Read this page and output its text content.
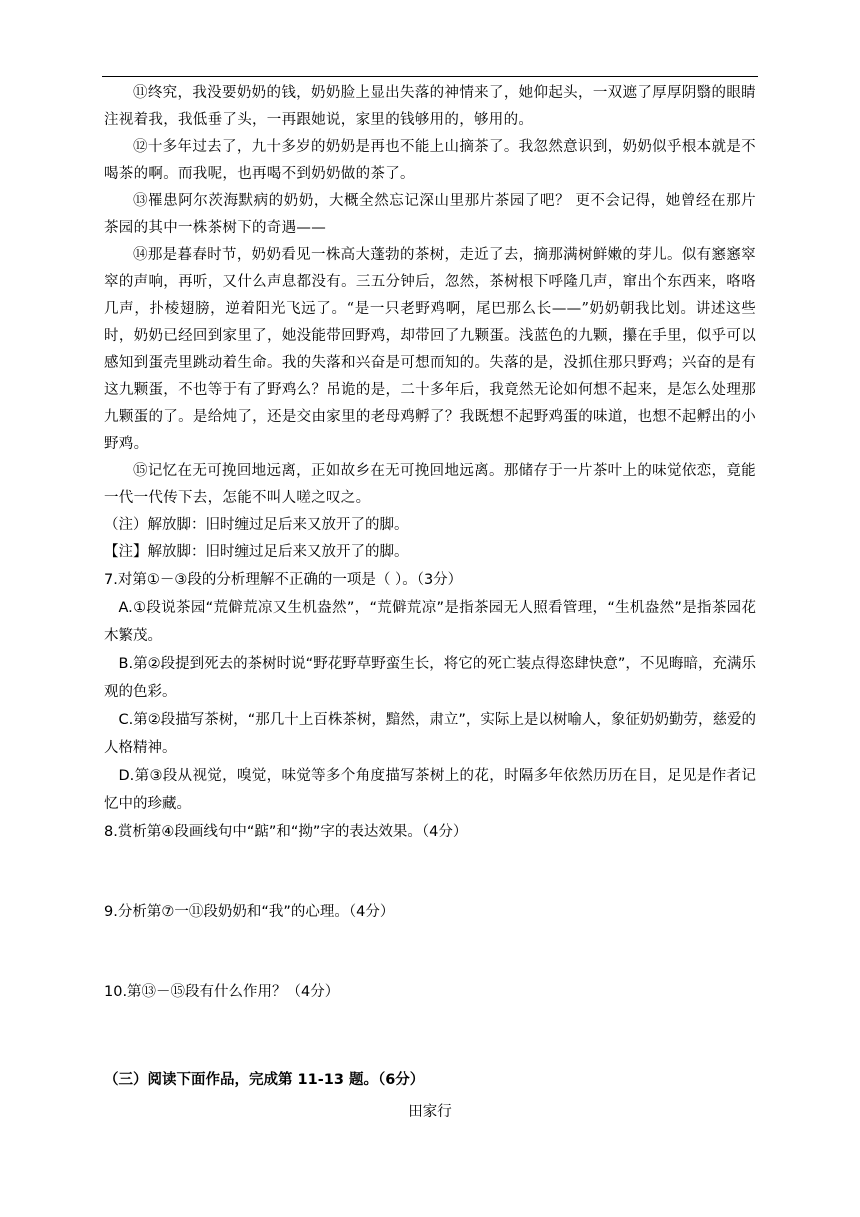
⑪终究，我没要奶奶的钱，奶奶脸上显出失落的神情来了，她仰起头，一双遮了厚厚阴翳的眼睛注视着我，我低垂了头，一再跟她说，家里的钱够用的，够用的。

⑫十多年过去了，九十多岁的奶奶是再也不能上山摘茶了。我忽然意识到，奶奶似乎根本就是不喝茶的啊。而我呢，也再喝不到奶奶做的茶了。

⑬罹患阿尔茨海默病的奶奶，大概全然忘记深山里那片茶园了吧？ 更不会记得，她曾经在那片茶园的其中一株茶树下的奇遇——

⑭那是暮春时节，奶奶看见一株高大蓬勃的茶树，走近了去，摘那满树鲜嫩的芽儿。似有窸窸窣窣的声响，再听，又什么声息都没有。三五分钟后，忽然，茶树根下呼隆几声，窜出个东西来，咯咯几声，扑棱翅膀，逆着阳光飞远了。“是一只老野鸡啊，尾巴那么长——”奶奶朝我比划。讲述这些时，奶奶已经回到家里了，她没能带回野鸡，却带回了九颗蛋。浅蓝色的九颗，攥在手里，似乎可以感知到蛋壳里跳动着生命。我的失落和兴奋是可想而知的。失落的是，没抓住那只野鸡；兴奋的是有这九颗蛋，不也等于有了野鸡么？吊诡的是，二十多年后，我竟然无论如何想不起来，是怎么处理那九颗蛋的了。是给炖了，还是交由家里的老母鸡孵了？我既想不起野鸡蛋的味道，也想不起孵出的小野鸡。

⑮记忆在无可挽回地远离，正如故乡在无可挽回地远离。那储存于一片茶叶上的味觉依恋，竟能一代一代传下去，怎能不叫人嗟之叹之。

（注）解放脚：旧时缠过足后来又放开了的脚。

【注】解放脚：旧时缠过足后来又放开了的脚。

7.对第①－③段的分析理解不正确的一项是（ ）。（3分）

A.①段说茶园“荒僻荒凉又生机盎然”，“荒僻荒凉”是指茶园无人照看管理，“生机盎然”是指茶园花木繁茂。

B.第②段提到死去的茶树时说“野花野草野蛮生长，将它的死亡装点得恣肆快意”，不见晦暗，充满乐观的色彩。

C.第②段描写茶树，“那几十上百株茶树，黯然，肃立”，实际上是以树喻人，象征奶奶勤劳，慈爱的人格精神。

D.第③段从视觉，嗅觉，味觉等多个角度描写茶树上的花，时隔多年依然历历在目，足见是作者记忆中的珍藏。

8.赏析第④段画线句中“踮”和“拗”字的表达效果。（4分）

9.分析第⑦一⑪段奶奶和“我”的心理。（4分）

10.第⑬－⑮段有什么作用？（4分）

（三）阅读下面作品，完成第 11-13 题。（6分）

田家行
